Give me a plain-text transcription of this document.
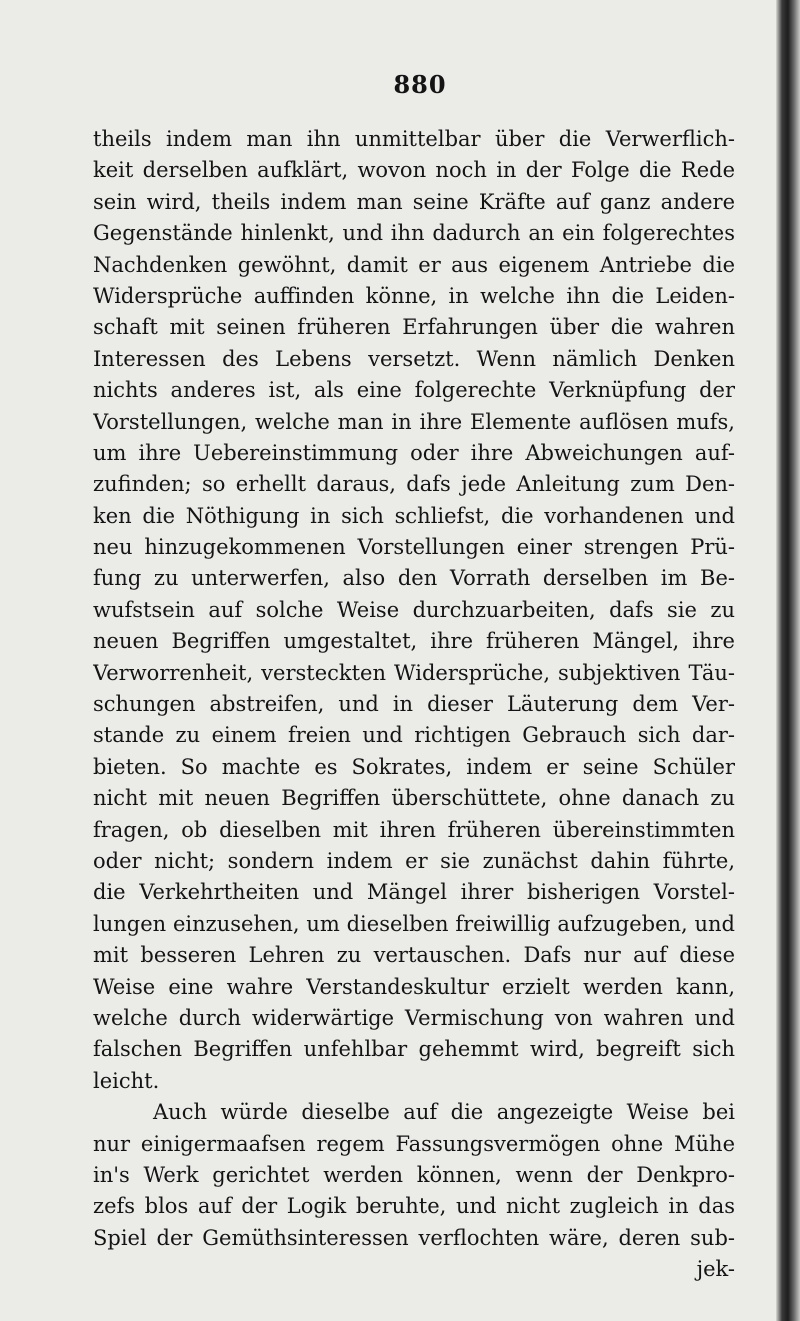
880
theils indem man ihn unmittelbar über die Verwerflich-
keit derselben aufklärt, wovon noch in der Folge die Rede
sein wird, theils indem man seine Kräfte auf ganz andere
Gegenstände hinlenkt, und ihn dadurch an ein folgerechtes
Nachdenken gewöhnt, damit er aus eigenem Antriebe die
Widersprüche auffinden könne, in welche ihn die Leiden-
schaft mit seinen früheren Erfahrungen über die wahren
Interessen des Lebens versetzt. Wenn nämlich Denken
nichts anderes ist, als eine folgerechte Verknüpfung der
Vorstellungen, welche man in ihre Elemente auflösen mufs,
um ihre Uebereinstimmung oder ihre Abweichungen auf-
zufinden; so erhellt daraus, dafs jede Anleitung zum Den-
ken die Nöthigung in sich schliefst, die vorhandenen und
neu hinzugekommenen Vorstellungen einer strengen Prü-
fung zu unterwerfen, also den Vorrath derselben im Be-
wufstsein auf solche Weise durchzuarbeiten, dafs sie zu
neuen Begriffen umgestaltet, ihre früheren Mängel, ihre
Verworrenheit, versteckten Widersprüche, subjektiven Täu-
schungen abstreifen, und in dieser Läuterung dem Ver-
stande zu einem freien und richtigen Gebrauch sich dar-
bieten. So machte es Sokrates, indem er seine Schüler
nicht mit neuen Begriffen überschüttete, ohne danach zu
fragen, ob dieselben mit ihren früheren übereinstimmten
oder nicht; sondern indem er sie zunächst dahin führte,
die Verkehrtheiten und Mängel ihrer bisherigen Vorstel-
lungen einzusehen, um dieselben freiwillig aufzugeben, und
mit besseren Lehren zu vertauschen. Dafs nur auf diese
Weise eine wahre Verstandeskultur erzielt werden kann,
welche durch widerwärtige Vermischung von wahren und
falschen Begriffen unfehlbar gehemmt wird, begreift sich
leicht.
Auch würde dieselbe auf die angezeigte Weise bei
nur einigermaafsen regem Fassungsvermögen ohne Mühe
in's Werk gerichtet werden können, wenn der Denkpro-
zefs blos auf der Logik beruhte, und nicht zugleich in das
Spiel der Gemüthsinteressen verflochten wäre, deren sub-
jek-
